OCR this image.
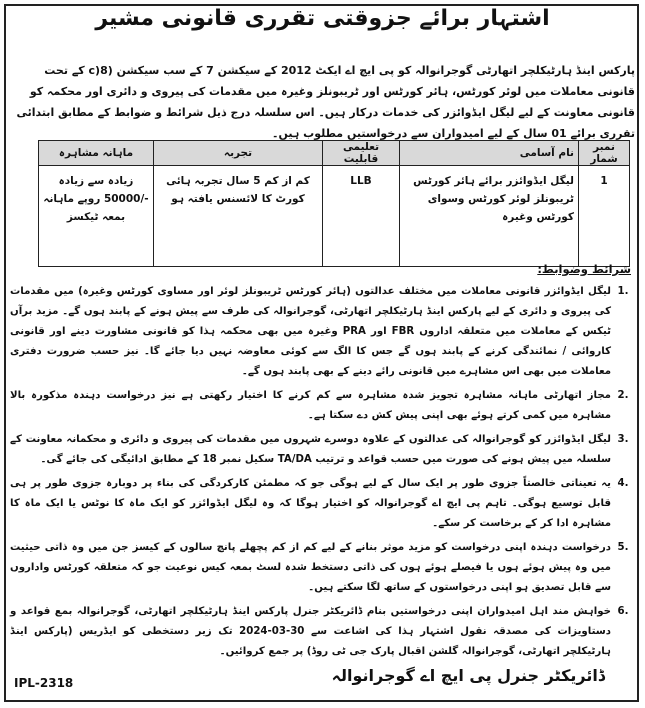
اشتہار برائے جزوقتی تقرری قانونی مشیر
پارکس اینڈ ہارٹیکلچر اتھارٹی گوجرانوالہ کو پی ایچ اے ایکٹ 2012 کے سیکشن 7 کے سب سیکشن (8(c کے تحت قانونی معاملات میں لوئر کورٹس، ہائر کورٹس اور ٹریبونلز وغیرہ میں مقدمات کی پیروی و دائری اور محکمہ کو قانونی معاونت کے لیے لیگل ایڈوائزر کی خدمات درکار ہیں۔ اس سلسلہ درج ذیل شرائط و ضوابط کے مطابق ابتدائی تقرری برائے 01 سال کے لیے امیدواران سے درخواستیں مطلوب ہیں۔
نمبر شمار	نام آسامی	تعلیمی قابلیت	تجربہ	ماہانہ مشاہرہ
1	لیگل ایڈوائزر برائے ہائر کورٹس ٹریبونلز لوئر کورٹس وسوای کورٹس وغیرہ	LLB	کم از کم 5 سال تجربہ ہائی کورٹ کا لائسنس یافتہ ہو	زیادہ سے زیادہ -/50000 روپے ماہانہ بمعہ ٹیکسز
شرائط وضوابط:
1.
لیگل ایڈوائزر قانونی معاملات میں مختلف عدالتوں (ہائر کورٹس ٹریبونلز لوئر اور مساوی کورٹس وغیرہ) میں مقدمات کی پیروی و دائری کے لیے پارکس اینڈ ہارٹیکلچر اتھارٹی، گوجرانوالہ کی طرف سے پیش ہونے کے پابند ہوں گے۔ مزید برآں ٹیکس کے معاملات میں متعلقہ اداروں FBR اور PRA وغیرہ میں بھی محکمہ ہذا کو قانونی مشاورت دینے اور قانونی کاروائی / نمائندگی کرنے کے پابند ہوں گے جس کا الگ سے کوئی معاوضہ نہیں دیا جائے گا۔ نیز حسب ضرورت دفتری معاملات میں بھی اس مشاہرے میں قانونی رائے دینے کے بھی پابند ہوں گے۔
2.
مجاز اتھارٹی ماہانہ مشاہرہ تجویز شدہ مشاہرہ سے کم کرنے کا اختیار رکھتی ہے نیز درخواست دہندہ مذکورہ بالا مشاہرہ میں کمی کرتے ہوئے بھی اپنی پیش کش دے سکتا ہے۔
3.
لیگل ایڈوائزر کو گوجرانوالہ کی عدالتوں کے علاوہ دوسرے شہروں میں مقدمات کی پیروی و دائری و محکمانہ معاونت کے سلسلہ میں پیش ہونے کی صورت میں حسب قواعد و ترتیب TA/DA سکیل نمبر 18 کے مطابق ادائیگی کی جائے گی۔
4.
یہ تعیناتی خالصتاً جزوی طور پر ایک سال کے لیے ہوگی جو کہ مطمئن کارکردگی کی بناء پر دوبارہ جزوی طور پر ہی قابل توسیع ہوگی۔ تاہم پی ایچ اے گوجرانوالہ کو اختیار ہوگا کہ وہ لیگل ایڈوائزر کو ایک ماہ کا نوٹس یا ایک ماہ کا مشاہرہ ادا کر کے برخاست کر سکے۔
5.
درخواست دہندہ اپنی درخواست کو مزید موثر بنانے کے لیے کم از کم پچھلے پانچ سالوں کے کیسز جن میں وہ ذاتی حیثیت میں وہ پیش ہوئے ہوں یا فیصلے ہوئے ہوں کی ذاتی دستخط شدہ لسٹ بمعہ کیس نوعیت جو کہ متعلقہ کورٹس واداروں سے قابل تصدیق ہو اپنی درخواستوں کے ساتھ لگا سکتے ہیں۔
6.
خواہش مند اہل امیدواران اپنی درخواستیں بنام ڈائریکٹر جنرل پارکس اینڈ ہارٹیکلچر اتھارٹی، گوجرانوالہ بمع قواعد و دستاویزات کی مصدقہ نقول اشتہار ہذا کی اشاعت سے 30-03-2024 تک زیر دستخطی کو ایڈریس (پارکس اینڈ ہارٹیکلچر اتھارٹی، گوجرانوالہ گلشن اقبال پارک جی ٹی روڈ) پر جمع کروائیں۔
ڈائریکٹر جنرل پی ایچ اے گوجرانوالہ
IPL-2318
